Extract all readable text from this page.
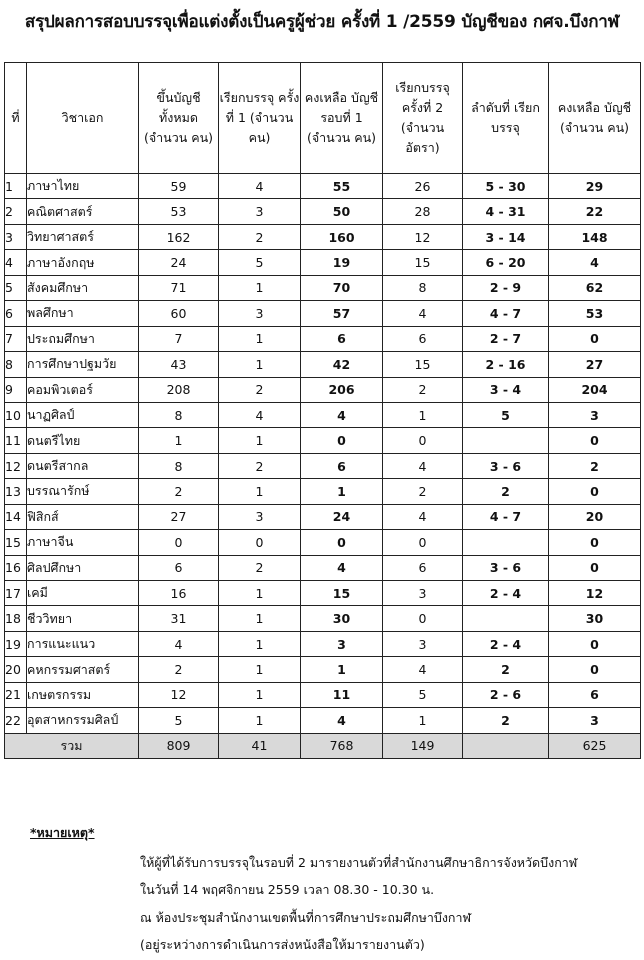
สรุปผลการสอบบรรจุเพื่อแต่งตั้งเป็นครูผู้ช่วย ครั้งที่ 1 /2559 บัญชีของ กศจ.บึงกาฬ
ที่	วิชาเอก	ขึ้นบัญชีทั้งหมด (จำนวน คน)	เรียกบรรจุ ครั้งที่ 1 (จำนวน คน)	คงเหลือ บัญชีรอบที่ 1 (จำนวน คน)	เรียกบรรจุ ครั้งที่ 2 (จำนวน อัตรา)	ลำดับที่ เรียกบรรจุ	คงเหลือ บัญชี (จำนวน คน)
1	ภาษาไทย	59	4	55	26	5 - 30	29
2	คณิตศาสตร์	53	3	50	28	4 - 31	22
3	วิทยาศาสตร์	162	2	160	12	3 - 14	148
4	ภาษาอังกฤษ	24	5	19	15	6 - 20	4
5	สังคมศึกษา	71	1	70	8	2 - 9	62
6	พลศึกษา	60	3	57	4	4 - 7	53
7	ประถมศึกษา	7	1	6	6	2 - 7	0
8	การศึกษาปฐมวัย	43	1	42	15	2 - 16	27
9	คอมพิวเตอร์	208	2	206	2	3 - 4	204
10	นาฏศิลป์	8	4	4	1	5	3
11	ดนตรีไทย	1	1	0	0		0
12	ดนตรีสากล	8	2	6	4	3 - 6	2
13	บรรณารักษ์	2	1	1	2	2	0
14	ฟิสิกส์	27	3	24	4	4 - 7	20
15	ภาษาจีน	0	0	0	0		0
16	ศิลปศึกษา	6	2	4	6	3 - 6	0
17	เคมี	16	1	15	3	2 - 4	12
18	ชีววิทยา	31	1	30	0		30
19	การแนะแนว	4	1	3	3	2 - 4	0
20	คหกรรมศาสตร์	2	1	1	4	2	0
21	เกษตรกรรม	12	1	11	5	2 - 6	6
22	อุตสาหกรรมศิลป์	5	1	4	1	2	3
รวม		809	41	768	149		625
*หมายเหตุ*
ให้ผู้ที่ได้รับการบรรจุในรอบที่ 2 มารายงานตัวที่สำนักงานศึกษาธิการจังหวัดบึงกาฬ
ในวันที่ 14 พฤศจิกายน 2559 เวลา 08.30 - 10.30 น.
ณ ห้องประชุมสำนักงานเขตพื้นที่การศึกษาประถมศึกษาบึงกาฬ
(อยู่ระหว่างการดำเนินการส่งหนังสือให้มารายงานตัว)
